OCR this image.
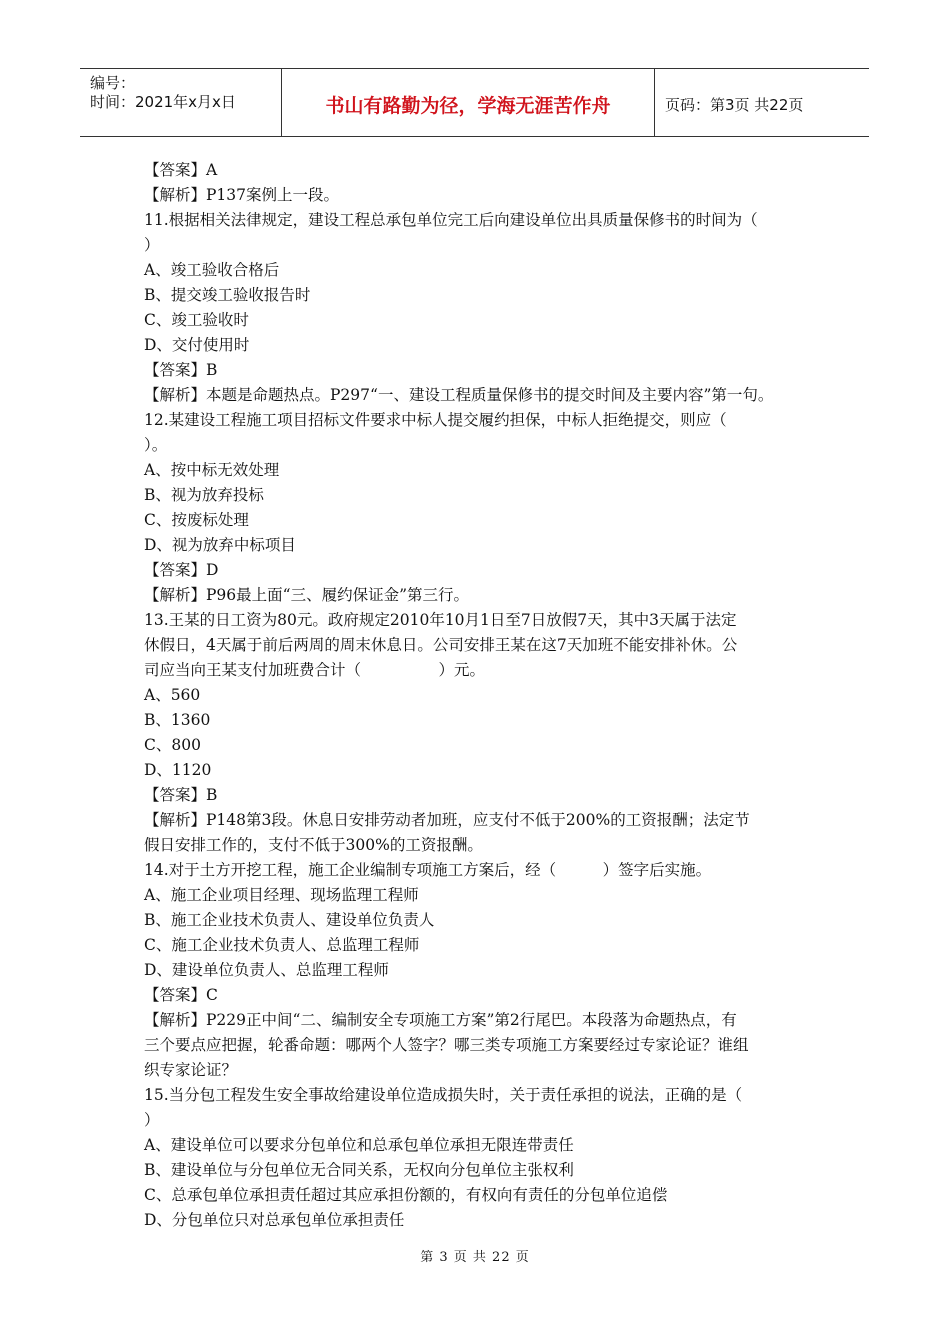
编号：
时间：2021年x月x日	书山有路勤为径，学海无涯苦作舟	页码：第3页 共22页
【答案】A
【解析】P137案例上一段。
11.根据相关法律规定，建设工程总承包单位完工后向建设单位出具质量保修书的时间为（
）
A、竣工验收合格后
B、提交竣工验收报告时
C、竣工验收时
D、交付使用时
【答案】B
【解析】本题是命题热点。P297“一、建设工程质量保修书的提交时间及主要内容”第一句。
12.某建设工程施工项目招标文件要求中标人提交履约担保，中标人拒绝提交，则应（
）。
A、按中标无效处理
B、视为放弃投标
C、按废标处理
D、视为放弃中标项目
【答案】D
【解析】P96最上面“三、履约保证金”第三行。
13.王某的日工资为80元。政府规定2010年10月1日至7日放假7天，其中3天属于法定
休假日，4天属于前后两周的周末休息日。公司安排王某在这7天加班不能安排补休。公
司应当向王某支付加班费合计（　　　　　）元。
A、560
B、1360
C、800
D、1120
【答案】B
【解析】P148第3段。休息日安排劳动者加班，应支付不低于200%的工资报酬；法定节
假日安排工作的，支付不低于300%的工资报酬。
14.对于土方开挖工程，施工企业编制专项施工方案后，经（　　　）签字后实施。
A、施工企业项目经理、现场监理工程师
B、施工企业技术负责人、建设单位负责人
C、施工企业技术负责人、总监理工程师
D、建设单位负责人、总监理工程师
【答案】C
【解析】P229正中间“二、编制安全专项施工方案”第2行尾巴。本段落为命题热点，有
三个要点应把握，轮番命题：哪两个人签字？哪三类专项施工方案要经过专家论证？谁组
织专家论证？
15.当分包工程发生安全事故给建设单位造成损失时，关于责任承担的说法，正确的是（
）
A、建设单位可以要求分包单位和总承包单位承担无限连带责任
B、建设单位与分包单位无合同关系，无权向分包单位主张权利
C、总承包单位承担责任超过其应承担份额的，有权向有责任的分包单位追偿
D、分包单位只对总承包单位承担责任
第 3 页 共 22 页
